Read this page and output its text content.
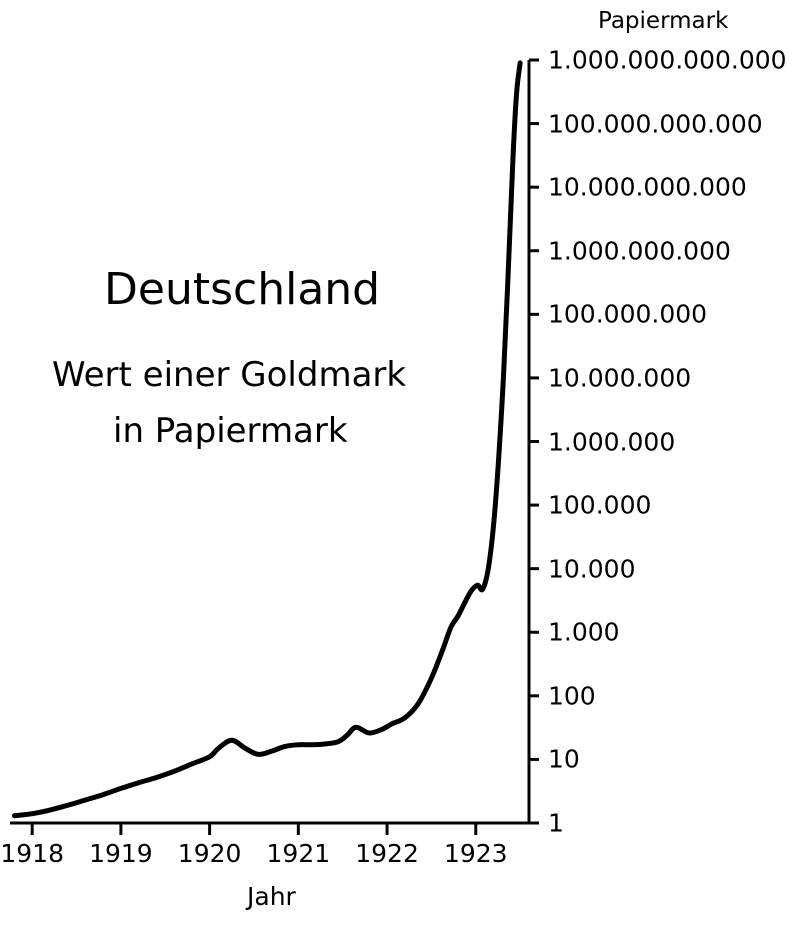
Papiermark
Jahr
Deutschland
Wert einer Goldmark
in Papiermark
1
10
100
1.000
10.000
100.000
1.000.000
10.000.000
100.000.000
1.000.000.000
10.000.000.000
100.000.000.000
1.000.000.000.000
1918 1919 1920 1921 1922 1923
